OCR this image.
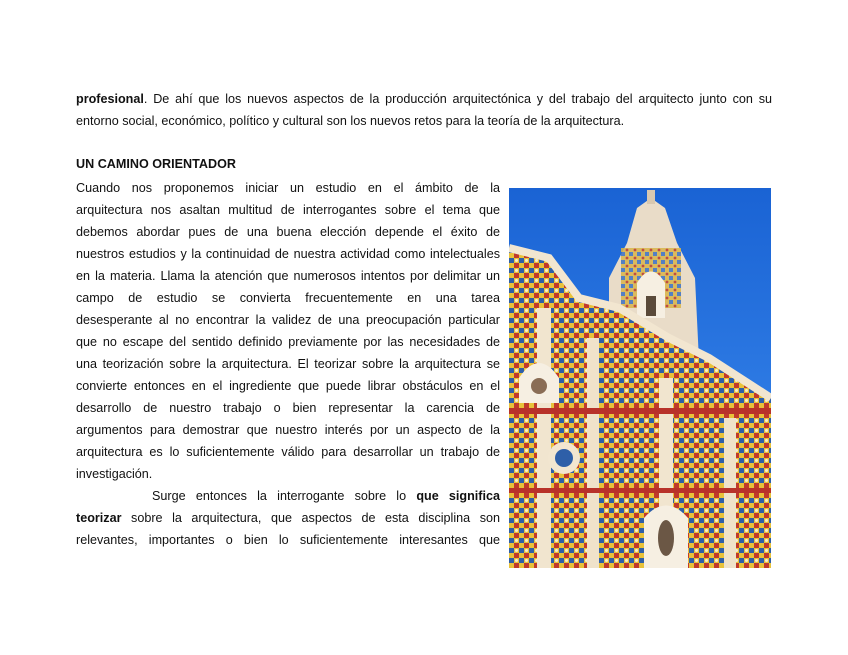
profesional. De ahí que los nuevos aspectos de la producción arquitectónica y del trabajo del arquitecto junto con su
entorno social, económico, político y cultural son los nuevos retos para la teoría de la arquitectura.
UN CAMINO ORIENTADOR
Cuando nos proponemos iniciar un estudio en el ámbito de la
arquitectura nos asaltan multitud de interrogantes sobre el tema que
debemos abordar pues de una buena elección depende el éxito de
nuestros estudios y la continuidad de nuestra actividad como intelectuales
en la materia. Llama la atención que numerosos intentos por delimitar un
campo de estudio se convierta frecuentemente en una tarea
desesperante al no encontrar la validez de una preocupación particular
que no escape del sentido definido previamente por las necesidades de
una teorización sobre la arquitectura. El teorizar sobre la arquitectura se
convierte entonces en el ingrediente que puede librar obstáculos en el
desarrollo de nuestro trabajo o bien representar la carencia de
argumentos para demostrar que nuestro interés por un aspecto de la
arquitectura es lo suficientemente válido para desarrollar un trabajo de
investigación.
Surge entonces la interrogante sobre lo que significa
teorizar sobre la arquitectura, que aspectos de esta disciplina son
relevantes, importantes o bien lo suficientemente interesantes que
